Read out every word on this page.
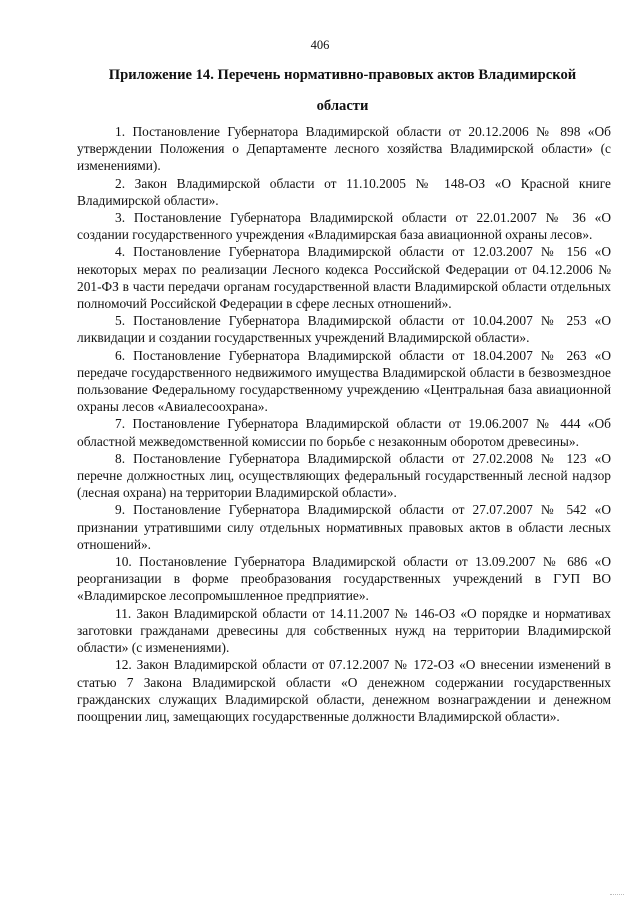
406
Приложение 14. Перечень нормативно-правовых актов Владимирской области

1. Постановление Губернатора Владимирской области от 20.12.2006 № 898 «Об утверждении Положения о Департаменте лесного хозяйства Владимирской области» (с изменениями).

2. Закон Владимирской области от 11.10.2005 № 148-ОЗ «О Красной книге Владимирской области».

3. Постановление Губернатора Владимирской области от 22.01.2007 № 36 «О создании государственного учреждения «Владимирская база авиационной охраны лесов».

4. Постановление Губернатора Владимирской области от 12.03.2007 № 156 «О некоторых мерах по реализации Лесного кодекса Российской Федерации от 04.12.2006 № 201-ФЗ в части передачи органам государственной власти Владимирской области отдельных полномочий Российской Федерации в сфере лесных отношений».

5. Постановление Губернатора Владимирской области от 10.04.2007 № 253 «О ликвидации и создании государственных учреждений Владимирской области».

6. Постановление Губернатора Владимирской области от 18.04.2007 № 263 «О передаче государственного недвижимого имущества Владимирской области в безвозмездное пользование Федеральному государственному учреждению «Центральная база авиационной охраны лесов «Авиалесоохрана».

7. Постановление Губернатора Владимирской области от 19.06.2007 № 444 «Об областной межведомственной комиссии по борьбе с незаконным оборотом древесины».

8. Постановление Губернатора Владимирской области от 27.02.2008 № 123 «О перечне должностных лиц, осуществляющих федеральный государственный лесной надзор (лесная охрана) на территории Владимирской области».

9. Постановление Губернатора Владимирской области от 27.07.2007 № 542 «О признании утратившими силу отдельных нормативных правовых актов в области лесных отношений».

10. Постановление Губернатора Владимирской области от 13.09.2007 № 686 «О реорганизации в форме преобразования государственных учреждений в ГУП ВО «Владимирское лесопромышленное предприятие».

11. Закон Владимирской области от 14.11.2007 № 146-ОЗ «О порядке и нормативах заготовки гражданами древесины для собственных нужд на территории Владимирской области» (с изменениями).

12. Закон Владимирской области от 07.12.2007 № 172-ОЗ «О внесении изменений в статью 7 Закона Владимирской области «О денежном содержании государственных гражданских служащих Владимирской области, денежном вознаграждении и денежном поощрении лиц, замещающих государственные должности Владимирской области».
